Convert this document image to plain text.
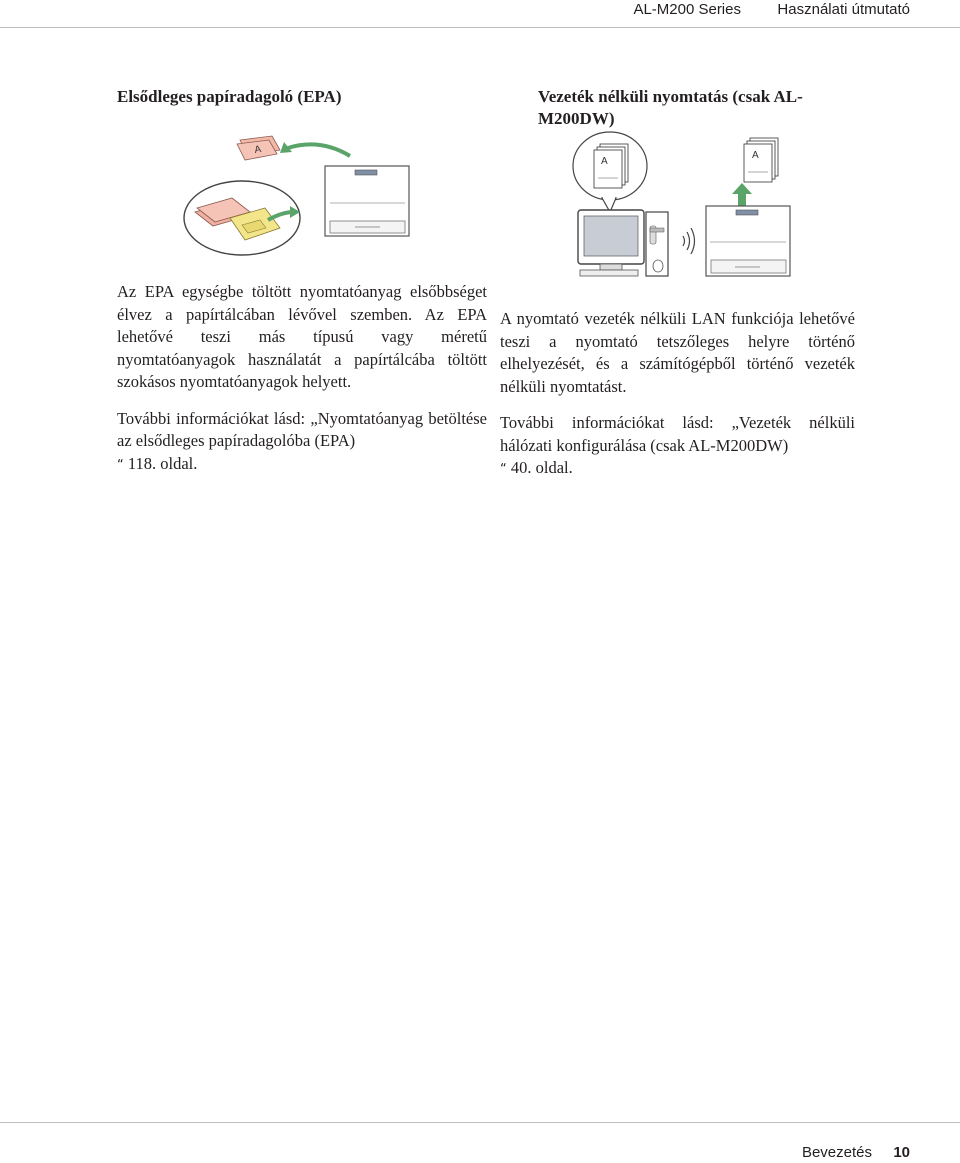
AL-M200 Series Használati útmutató
Elsődleges papíradagoló (EPA)
A

Az EPA egységbe töltött nyomtatóanyag elsőbbséget élvez a papírtálcában lévővel szemben. Az EPA lehetővé teszi más típusú vagy méretű nyomtatóanyagok használatát a papírtálcába töltött szokásos nyomtatóanyagok helyett.

További információkat lásd: „Nyomtatóanyag betöltése az elsődleges papíradagolóba (EPA)
“ 118. oldal.

Vezeték nélküli nyomtatás (csak AL-M200DW)
A
A

A nyomtató vezeték nélküli LAN funkciója lehetővé teszi a nyomtató tetszőleges helyre történő elhelyezését, és a számítógépből történő vezeték nélküli nyomtatást.

További információkat lásd: „Vezeték nélküli hálózati konfigurálása (csak AL-M200DW)
“ 40. oldal.

Bevezetés 10
